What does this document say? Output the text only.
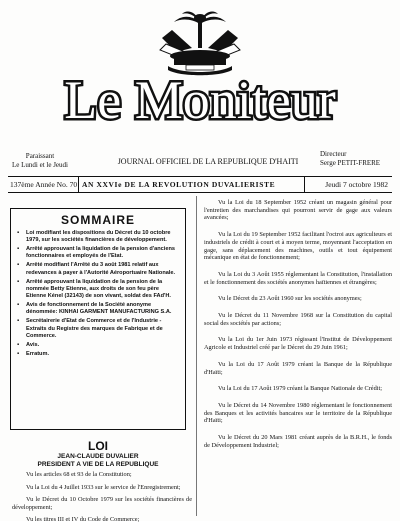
Le Moniteur
Paraissant
Le Lundi et le Jeudi	JOURNAL OFFICIEL DE LA REPUBLIQUE D'HAITI
Directeur
Serge PETIT-FRERE
137ème Année No. 70 AN XXVIe DE LA REVOLUTION DUVALIERISTE	Jeudi 7 octobre 1982
SOMMAIRE
▪ Loi modifiant les dispositions du Décret du 10 octobre 1979, sur les sociétés financières de développement.
▪ Arrêté approuvant la liquidation de la pension d'anciens fonctionnaires et employés de l'Etat.
▪ Arrêté modifiant l'Arrêté du 3 août 1981 relatif aux redevances à payer à l'Autorité Aéroportuaire Nationale.
▪ Arrêté approuvant la liquidation de la pension de la nommée Betty Etienne, aux droits de son feu père Etienne Kénel (32143) de son vivant, soldat des FAd'H.
▪ Avis de fonctionnement de la Société anonyme dénommée: KINHAI GARMENT MANUFACTURING S.A.
▪ Secrétairerie d'Etat de Commerce et de l'Industrie - Extraits du Registre des marques de Fabrique et de Commerce.
▪ Avis.
▪ Erratum.
LOI
JEAN-CLAUDE DUVALIER
PRESIDENT A VIE DE LA REPUBLIQUE

Vu les articles 68 et 93 de la Constitution;

Vu la Loi du 4 Juillet 1933 sur le service de l'Enregistrement;

Vu le Décret du 10 Octobre 1979 sur les sociétés financières de développement;

Vu les titres III et IV du Code de Commerce;

Vu la Loi du 18 September 1952 créant un magasin général pour l'entretien des marchandises qui pourront servir de gage aux valeurs avancées;

Vu la Loi du 19 September 1952 facilitant l'octroi aux agriculteurs et industriels de crédit à court et à moyen terme, moyennant l'acceptation en gage, sans déplacement des machines, outils et tout équipement mécanique en état de fonctionnement;

Vu la Loi du 3 Août 1955 réglementant la Constitution, l'installation et le fonctionnement des sociétés anonymes haïtiennes et étrangères;

Vu le Décret du 23 Août 1960 sur les sociétés anonymes;

Vu le Décret du 11 Novembre 1968 sur la Constitution du capital social des sociétés par actions;

Vu la Loi du 1er Juin 1973 régissant l'Institut de Développement Agricole et Industriel créé par le Décret du 29 Juin 1961;

Vu la Loi du 17 Août 1979 créant la Banque de la République d'Haïti;

Vu la Loi du 17 Août 1979 créant la Banque Nationale de Crédit;

Vu le Décret du 14 Novembre 1980 réglementant le fonctionnement des Banques et les activités bancaires sur le territoire de la République d'Haïti;

Vu le Décret du 20 Mars 1981 créant auprès de la B.R.H., le fonds de Développement Industriel;
